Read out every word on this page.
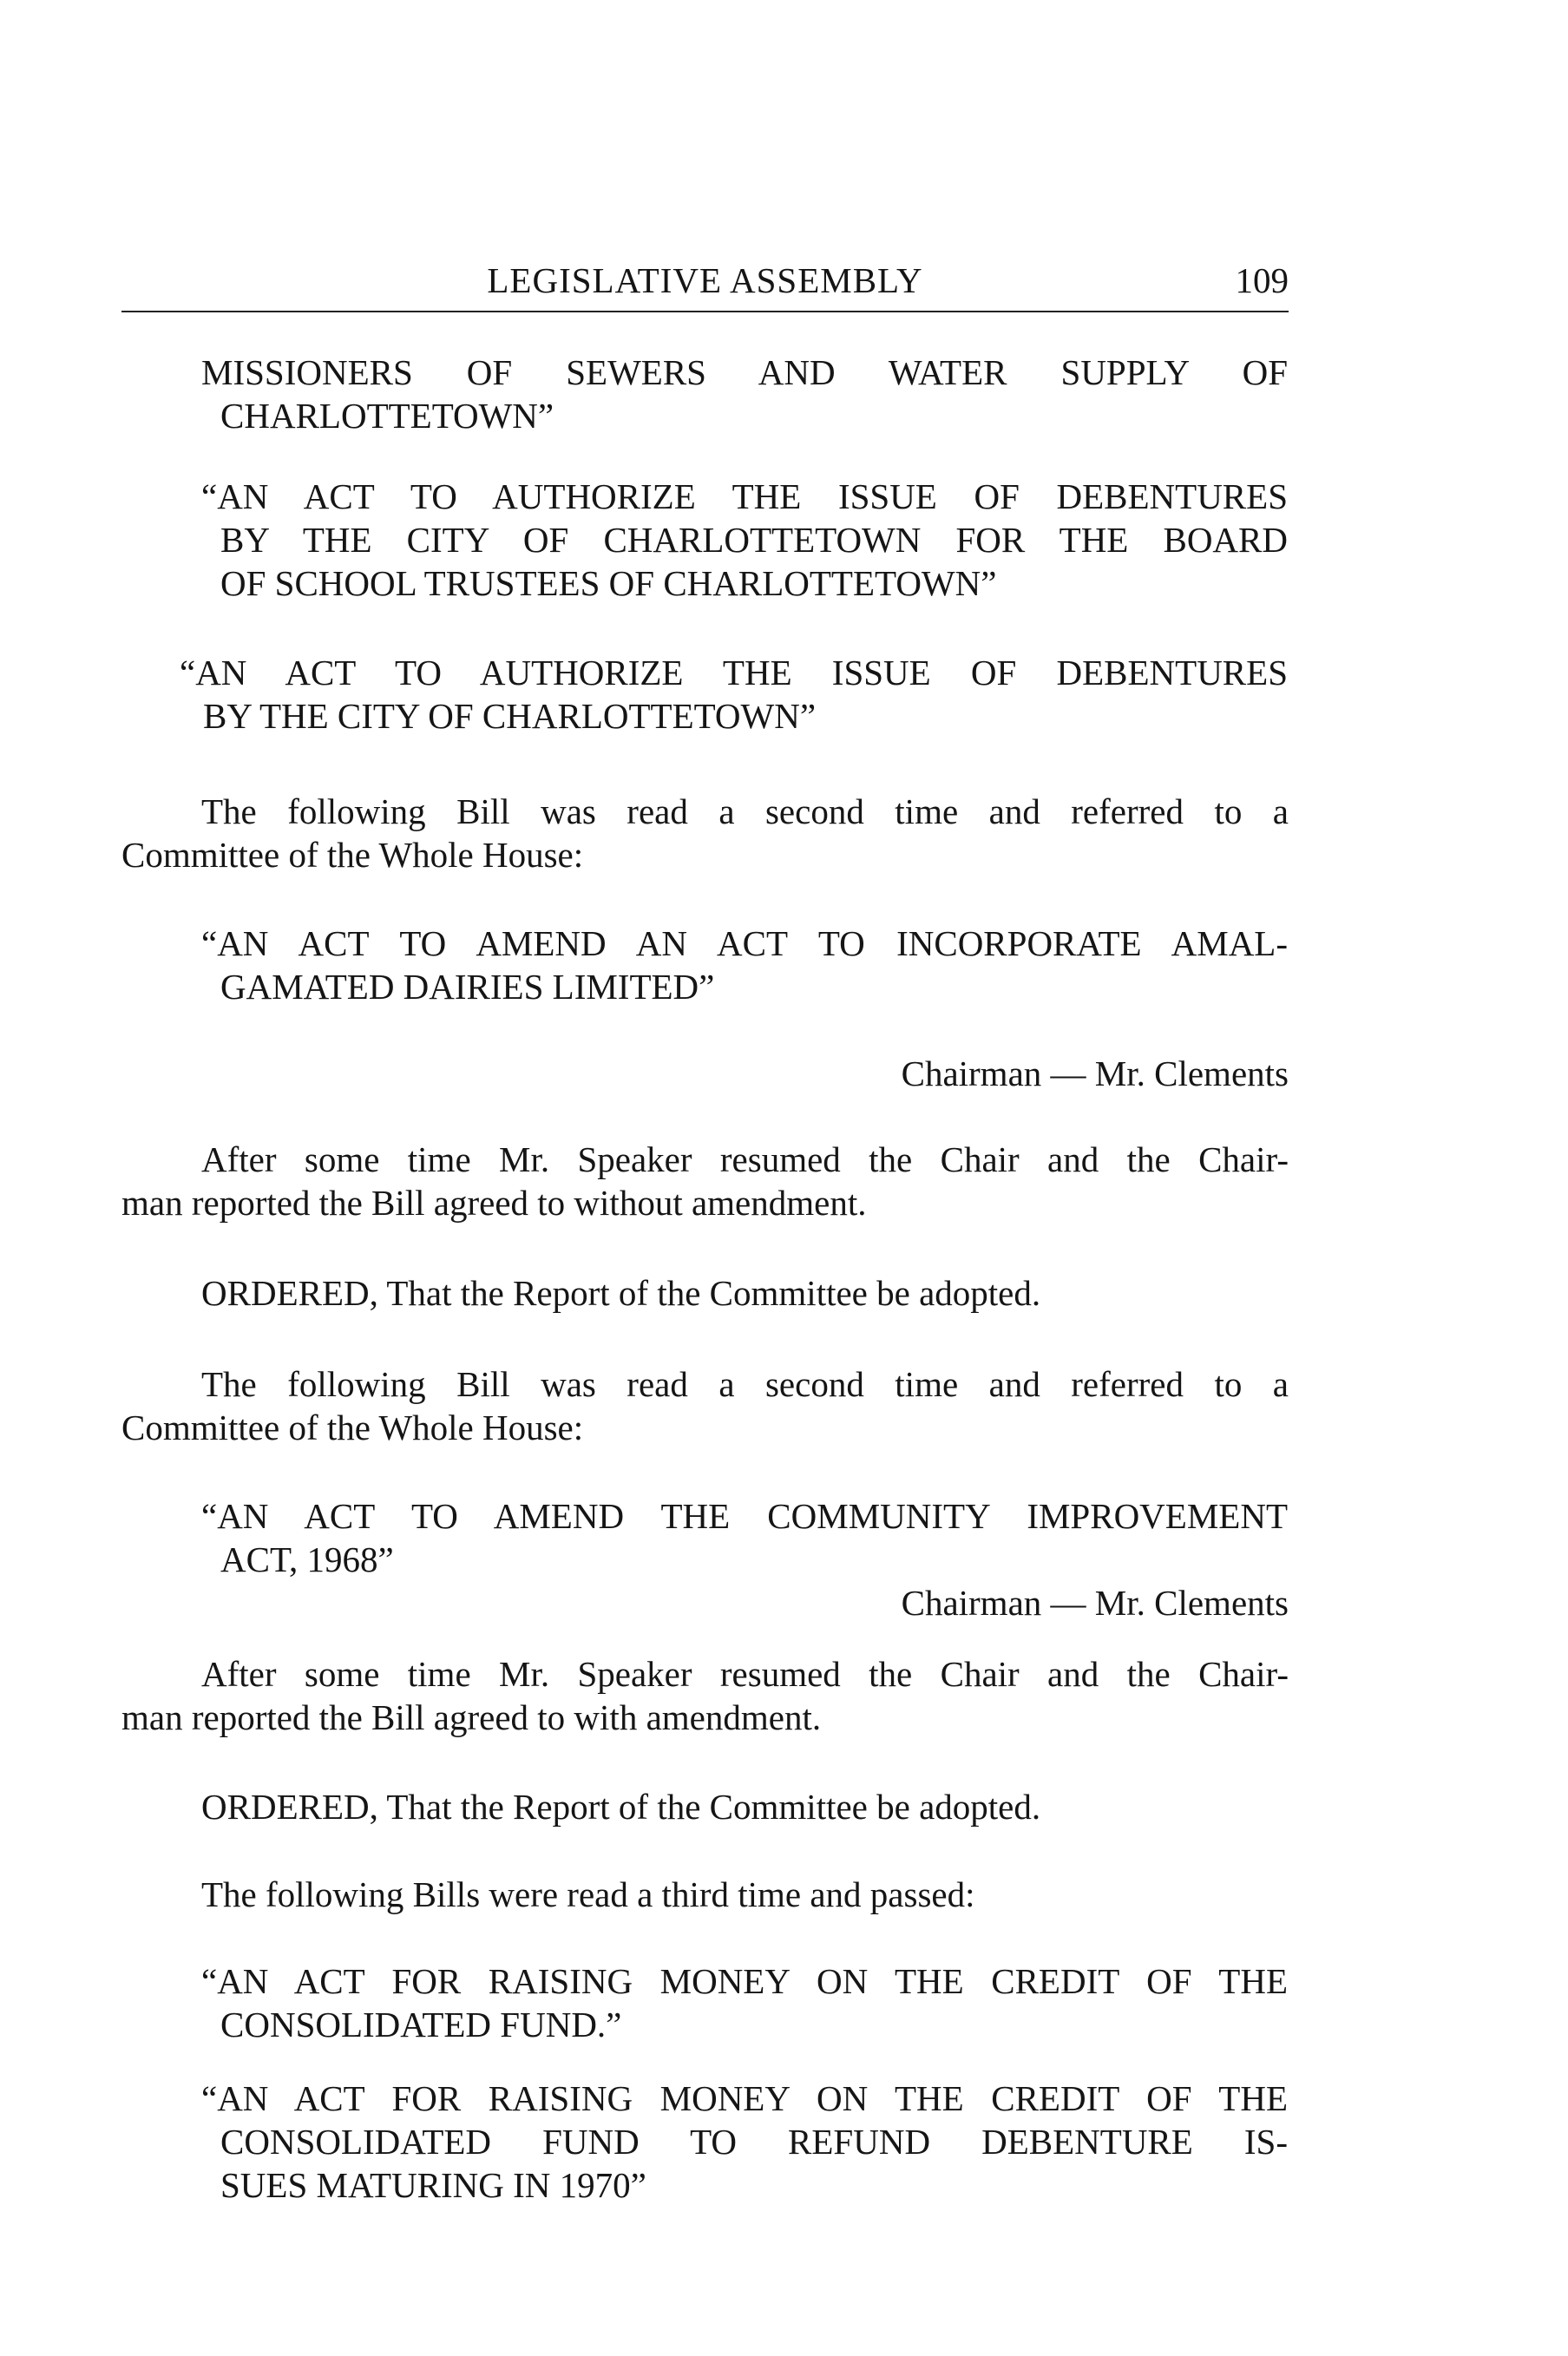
LEGISLATIVE ASSEMBLY	109
MISSIONERS OF SEWERS AND WATER SUPPLY OF
CHARLOTTETOWN”
“AN ACT TO AUTHORIZE THE ISSUE OF DEBENTURES
BY THE CITY OF CHARLOTTETOWN FOR THE BOARD
OF SCHOOL TRUSTEES OF CHARLOTTETOWN”
“AN ACT TO AUTHORIZE THE ISSUE OF DEBENTURES
BY THE CITY OF CHARLOTTETOWN”
The following Bill was read a second time and referred to a
Committee of the Whole House:
“AN ACT TO AMEND AN ACT TO INCORPORATE AMAL-
GAMATED DAIRIES LIMITED”
Chairman — Mr. Clements
After some time Mr. Speaker resumed the Chair and the Chair-
man reported the Bill agreed to without amendment.
ORDERED, That the Report of the Committee be adopted.
The following Bill was read a second time and referred to a
Committee of the Whole House:
“AN ACT TO AMEND THE COMMUNITY IMPROVEMENT
ACT, 1968”
Chairman — Mr. Clements
After some time Mr. Speaker resumed the Chair and the Chair-
man reported the Bill agreed to with amendment.
ORDERED, That the Report of the Committee be adopted.
The following Bills were read a third time and passed:
“AN ACT FOR RAISING MONEY ON THE CREDIT OF THE
CONSOLIDATED FUND.”
“AN ACT FOR RAISING MONEY ON THE CREDIT OF THE
CONSOLIDATED FUND TO REFUND DEBENTURE IS-
SUES MATURING IN 1970”
